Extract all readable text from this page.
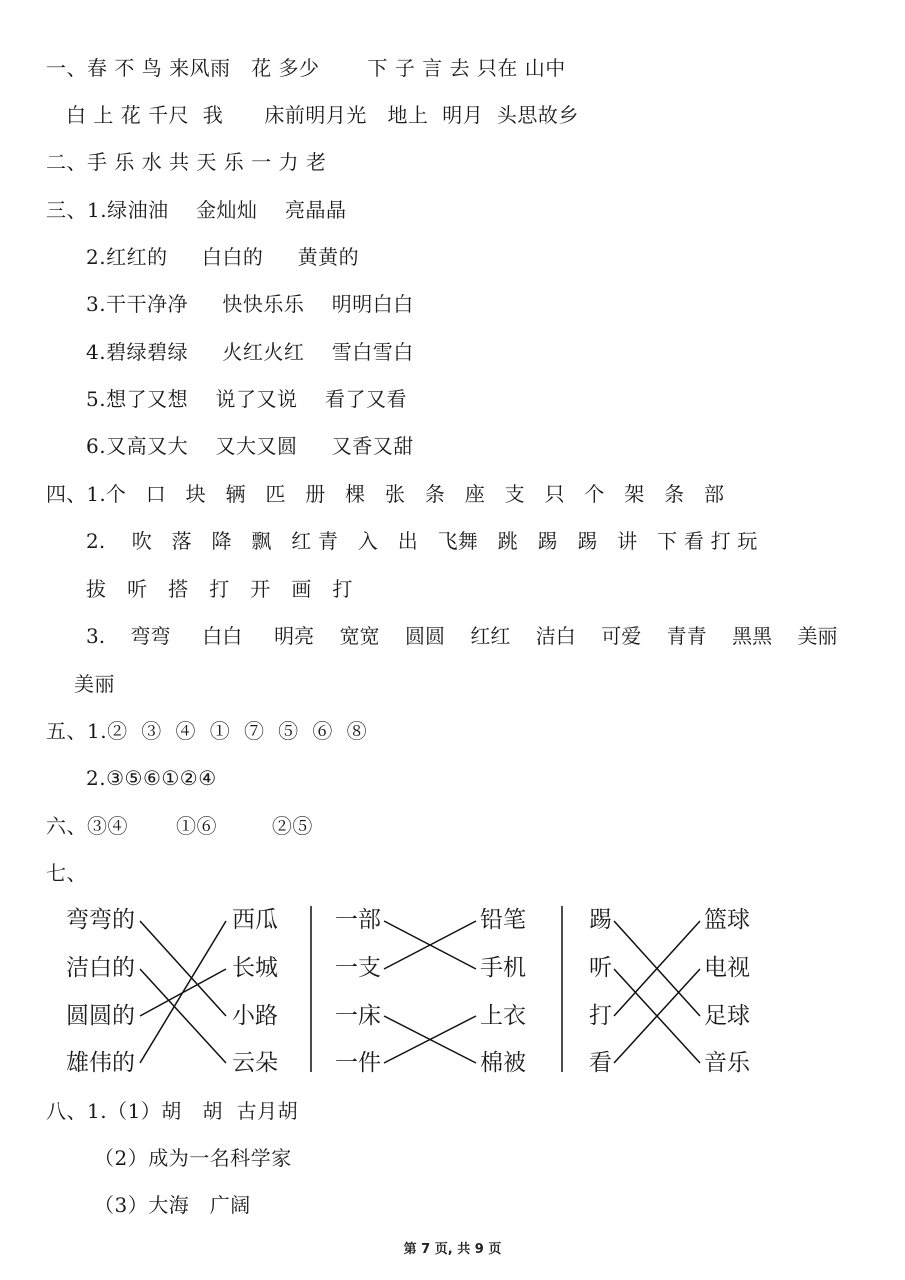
一、春 不 鸟 来风雨   花 多少       下 子 言 去 只在 山中
白 上 花 千尺  我      床前明月光   地上  明月  头思故乡
二、手 乐 水 共 天 乐 一 力 老
三、1.绿油油    金灿灿    亮晶晶
2.红红的     白白的     黄黄的
3.干干净净     快快乐乐    明明白白
4.碧绿碧绿     火红火红    雪白雪白
5.想了又想    说了又说    看了又看
6.又高又大    又大又圆     又香又甜
四、1.个   口   块   辆   匹   册   棵   张   条   座   支   只   个   架   条   部
2.    吹   落   降   飘   红 青   入   出   飞舞   跳   踢   踢   讲   下 看 打 玩
拔   听   搭   打   开   画   打
3.    弯弯     白白     明亮    宽宽    圆圆    红红    洁白    可爱    青青    黑黑    美丽
美丽
五、1.②  ③  ④  ①  ⑦  ⑤  ⑥  ⑧
2.③⑤⑥①②④
六、③④       ①⑥        ②⑤
七、
弯弯的
洁白的
圆圆的
雄伟的
西瓜
长城
小路
云朵
一部
一支
一床
一件
铅笔
手机
上衣
棉被
踢
听
打
看
篮球
电视
足球
音乐
八、1.（1）胡   胡  古月胡
（2）成为一名科学家
（3）大海   广阔
第 7 页, 共 9 页
